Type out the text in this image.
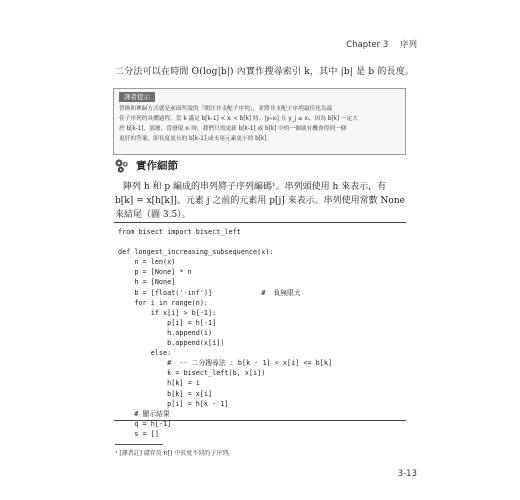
Chapter 3 序列
二分法可以在時間 O(log|b|) 內實作搜尋索引 k，其中 |b| 是 b 的長度。
譯者提示
替換和裡歸方式就是前面所說的「開注非支配子序列」，並將非支配子序列最佳化為最
佳子序列的具體過程。當 k 滿足 b[k-1] < xᵢ < b[k] 時，|yᵢ-xᵢ| 且 y_j ≤ xᵢ，因為 b[k] 一定大
於 b[k-1]，那麼，當發現 xᵢ 時，我們只需更新 b[k-1] 或 b[k] 中的一個就有機會得到一個
更好的答案，即長度更長的 b[k-1] 或末尾元素更小的 b[k]。
實作細節
陣列 h 和 p 編成的串列將子序列編碼¹。串列頭使用 h 來表示，有
b[k] = x[h[k]]。元素 j 之前的元素用 p[j] 來表示。串列使用常數 None
來結尾（圖 3.5）。
from bisect import bisect_left
def longest_increasing_subsequence(x):
n = len(x)
p = [None] * n
h = [None]
b = [float('-inf')]            #  負無限大
for i in range(n):
if x[i] > b[-1]:
p[i] = h[-1]
h.append(i)
b.append(x[i])
else:
#  -- 二分搜尋法 : b[k - 1] < x[i] <= b[k]
k = bisect_left(b, x[i])
h[k] = i
b[k] = x[i]
p[i] = h[k - 1]
# 顯示結果
q = h[-1]
s = []
¹ [譯者註] 儲存於 h[] 中長度不同的子序列。
3-13
